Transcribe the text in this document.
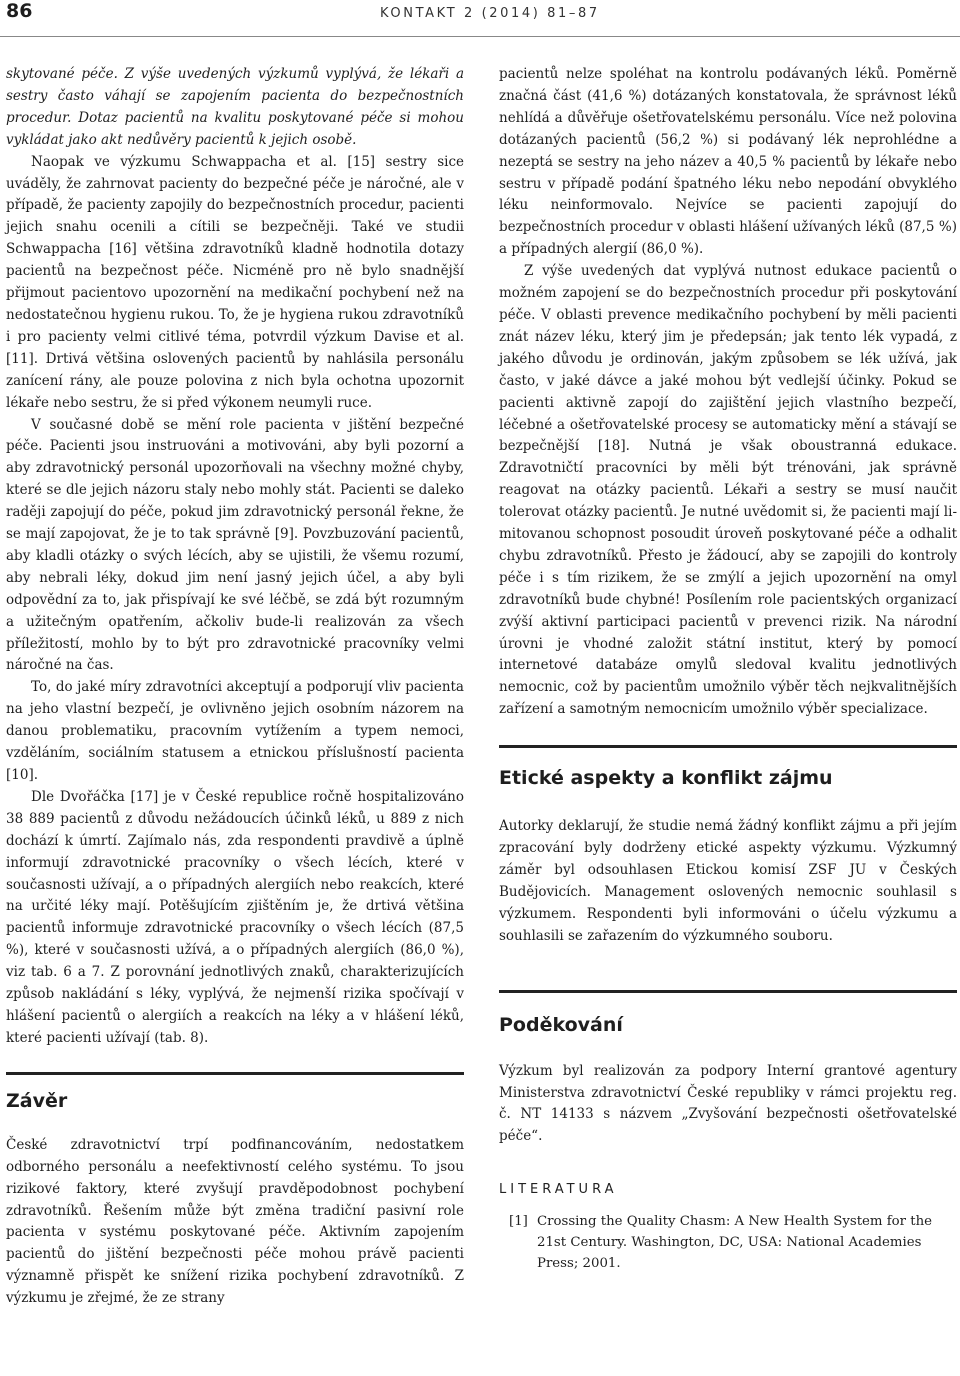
86	KONTAKT 2 (2014) 81–87

skytované péče. Z výše uvedených výzkumů vyplývá, že lékaři a sestry často váhají se zapojením pacienta do bezpečnostních procedur. Dotaz pacientů na kvalitu poskytované péče si mohou vykládat jako akt nedůvěry pacientů k jejich osobě.

Naopak ve výzkumu Schwappacha et al. [15] sestry sice uváděly, že zahrnovat pacienty do bezpečné péče je náročné, ale v případě, že pacienty zapojily do bezpečnostních procedur, pacienti jejich snahu ocenili a cítili se bezpečněji. Také ve studii Schwappacha [16] většina zdravotníků kladně hodnotila dotazy pacientů na bezpečnost péče. Nicméně pro ně bylo snadnější přijmout pacientovo upozornění na medikační pochybení než na nedostatečnou hygienu rukou. To, že je hygiena rukou zdravotníků i pro pacienty velmi citlivé téma, potvrdil výzkum Davise et al. [11]. Drtivá většina oslovených pacientů by nahlásila personálu zanícení rány, ale pouze polovina z nich byla ochotna upozornit lékaře nebo sestru, že si před výkonem neumyli ruce.

V současné době se mění role pacienta v jištění bezpečné péče. Pacienti jsou instruováni a motivováni, aby byli pozorní a aby zdravotnický personál upozorňovali na všechny možné chyby, které se dle jejich názoru staly nebo mohly stát. Pacienti se daleko raději zapojují do péče, pokud jim zdravotnický personál řekne, že se mají zapojovat, že je to tak správně [9]. Povzbuzování pacientů, aby kladli otázky o svých lécích, aby se ujistili, že všemu rozumí, aby nebrali léky, dokud jim není jasný jejich účel, a aby byli odpovědní za to, jak přispívají ke své léčbě, se zdá být rozumným a užitečným opatřením, ačkoliv bude-li realizován za všech příležitostí, mohlo by to být pro zdravotnické pracovníky velmi náročné na čas.

To, do jaké míry zdravotníci akceptují a podporují vliv pacienta na jeho vlastní bezpečí, je ovlivněno jejich osobním názorem na danou problematiku, pracovním vytížením a typem nemoci, vzděláním, sociálním statusem a etnickou příslušností pacienta [10].

Dle Dvořáčka [17] je v České republice ročně hospitalizováno 38 889 pacientů z důvodu nežádoucích účinků léků, u 889 z nich dochází k úmrtí. Zajímalo nás, zda respondenti pravdivě a úplně informují zdravotnické pracovníky o všech lécích, které v současnosti užívají, a o případných alergiích nebo reakcích, které na určité léky mají. Potěšujícím zjištěním je, že drtivá většina pacientů informuje zdravotnické pracovníky o všech lécích (87,5 %), které v současnosti užívá, a o případných alergiích (86,0 %), viz tab. 6 a 7. Z porovnání jednotlivých znaků, charakterizujících způsob nakládání s léky, vyplývá, že nejmenší rizika spočívají v hlášení pacientů o alergiích a reakcích na léky a v hlášení léků, které pacienti užívají (tab. 8).

Závěr

České zdravotnictví trpí podfinancováním, nedostatkem odborného personálu a neefektivností celého systému. To jsou rizikové faktory, které zvyšují pravděpodobnost pochybení zdravotníků. Řešením může být změna tradiční pasivní role pacienta v systému poskytované péče. Aktivním zapojením pacientů do jištění bezpečnosti péče mohou právě pacienti významně přispět ke snížení rizika pochybení zdravotníků. Z výzkumu je zřejmé, že ze strany

pacientů nelze spoléhat na kontrolu podávaných léků. Poměrně značná část (41,6 %) dotázaných konstatovala, že správnost léků nehlídá a důvěřuje ošetřovatelskému personálu. Více než polovina dotázaných pacientů (56,2 %) si podávaný lék neprohlédne a nezeptá se sestry na jeho název a 40,5 % pacientů by lékaře nebo sestru v případě podání špatného léku nebo nepodání obvyklého léku neinformovalo. Nejvíce se pacienti zapojují do bezpečnostních procedur v oblasti hlášení užívaných léků (87,5 %) a případných alergií (86,0 %).

Z výše uvedených dat vyplývá nutnost edukace pacientů o možném zapojení se do bezpečnostních procedur při poskytování péče. V oblasti prevence medikačního pochybení by měli pacienti znát název léku, který jim je předepsán; jak tento lék vypadá, z jakého důvodu je ordinován, jakým způsobem se lék užívá, jak často, v jaké dávce a jaké mohou být vedlejší účinky. Pokud se pacienti aktivně zapojí do zajištění jejich vlastního bezpečí, léčebné a ošetřovatelské procesy se automaticky mění a stávají se bezpečnější [18]. Nutná je však oboustranná edukace. Zdravotničtí pracovníci by měli být trénováni, jak správně reagovat na otázky pacientů. Lékaři a sestry se musí naučit tolerovat otázky pacientů. Je nutné uvědomit si, že pacienti mají limitovanou schopnost posoudit úroveň poskytované péče a odhalit chybu zdravotníků. Přesto je žádoucí, aby se zapojili do kontroly péče i s tím rizikem, že se zmýlí a jejich upozornění na omyl zdravotníků bude chybné! Posílením role pacientských organizací zvýší aktivní participaci pacientů v prevenci rizik. Na národní úrovni je vhodné založit státní institut, který by pomocí internetové databáze omylů sledoval kvalitu jednotlivých nemocnic, což by pacientům umožnilo výběr těch nejkvalitnějších zařízení a samotným nemocnicím umožnilo výběr specializace.

Etické aspekty a konflikt zájmu

Autorky deklarují, že studie nemá žádný konflikt zájmu a při jejím zpracování byly dodrženy etické aspekty výzkumu. Výzkumný záměr byl odsouhlasen Etickou komisí ZSF JU v Českých Budějovicích. Management oslovených nemocnic souhlasil s výzkumem. Respondenti byli informováni o účelu výzkumu a souhlasili se zařazením do výzkumného souboru.

Poděkování

Výzkum byl realizován za podpory Interní grantové agentury Ministerstva zdravotnictví České republiky v rámci projektu reg. č. NT 14133 s názvem „Zvyšování bezpečnosti ošetřovatelské péče“.

LITERATURA
[1] Crossing the Quality Chasm: A New Health System for the 21st Century. Washington, DC, USA: National Academies Press; 2001.
